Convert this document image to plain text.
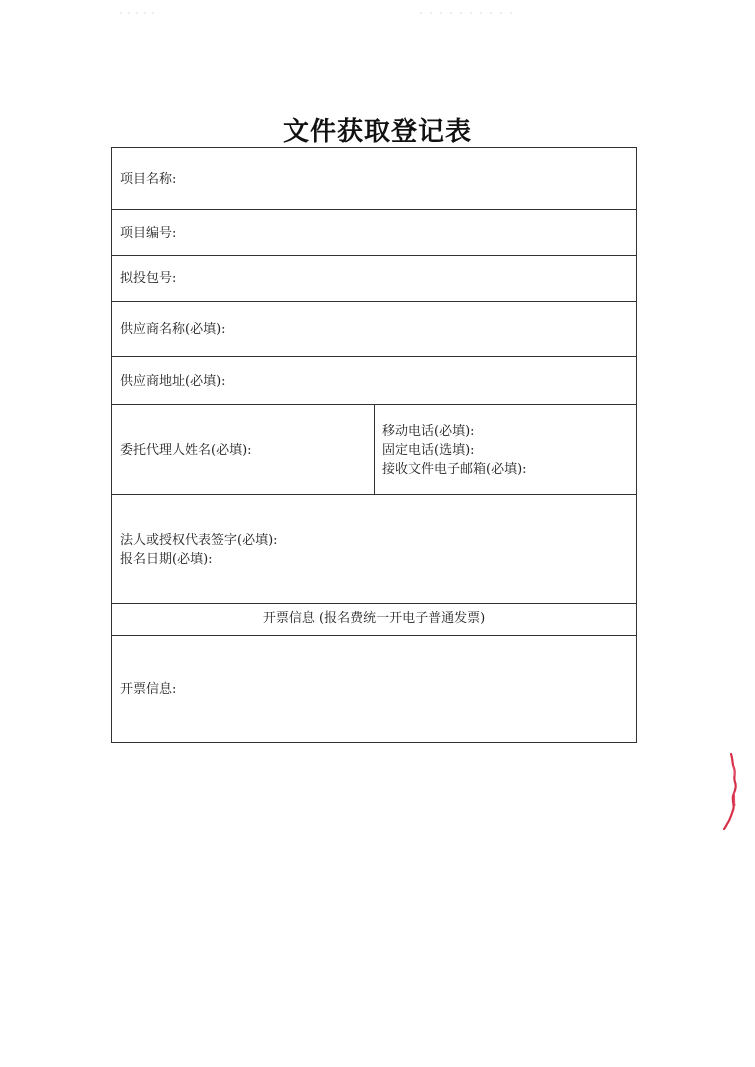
文件获取登记表
项目名称:
项目编号:
拟投包号:
供应商名称(必填):
供应商地址(必填):
委托代理人姓名(必填):
移动电话(必填):
固定电话(选填):
接收文件电子邮箱(必填):
法人或授权代表签字(必填):
报名日期(必填):
开票信息 (报名费统一开电子普通发票)
开票信息:
